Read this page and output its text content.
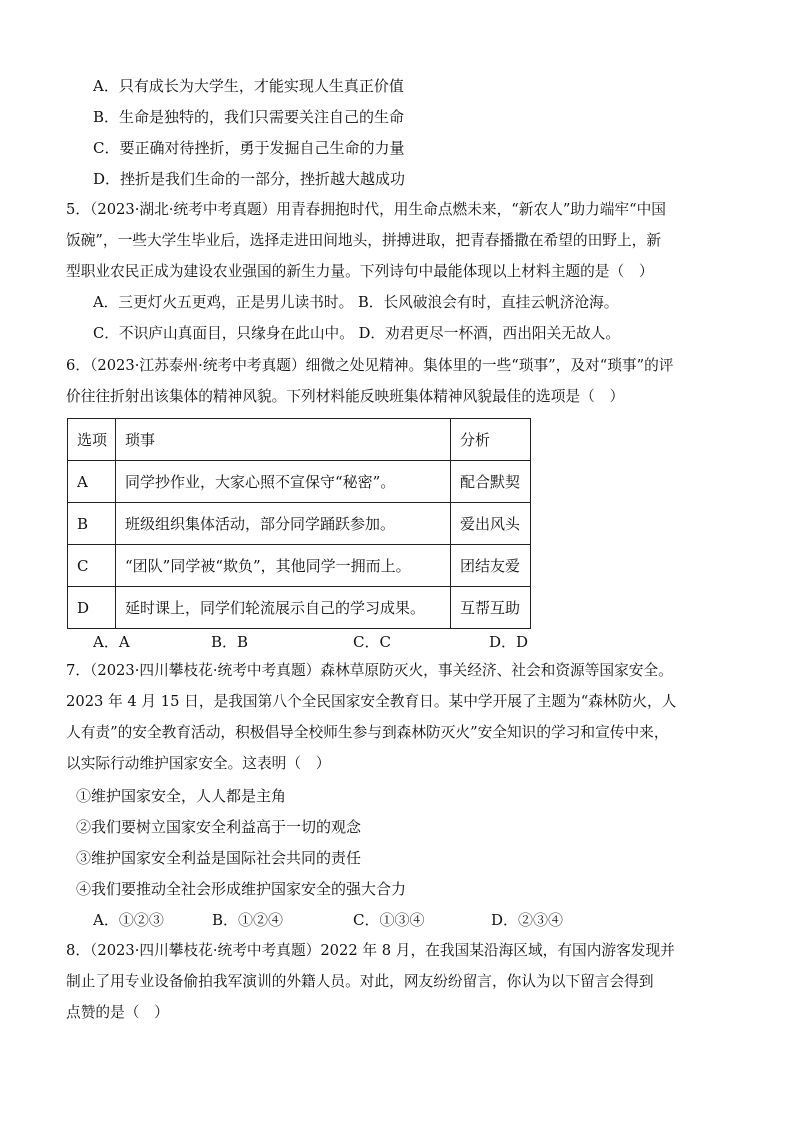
A．只有成长为大学生，才能实现人生真正价值
B．生命是独特的，我们只需要关注自己的生命
C．要正确对待挫折，勇于发掘自己生命的力量
D．挫折是我们生命的一部分，挫折越大越成功
5．（2023·湖北·统考中考真题）用青春拥抱时代，用生命点燃未来，“新农人”助力端牢“中国
饭碗”，一些大学生毕业后，选择走进田间地头，拼搏进取，把青春播撒在希望的田野上，新
型职业农民正成为建设农业强国的新生力量。下列诗句中最能体现以上材料主题的是（　）
A．三更灯火五更鸡，正是男儿读书时。 B．长风破浪会有时，直挂云帆济沧海。
C．不识庐山真面目，只缘身在此山中。 D．劝君更尽一杯酒，西出阳关无故人。
6．（2023·江苏泰州·统考中考真题）细微之处见精神。集体里的一些“琐事”，及对“琐事”的评
价往往折射出该集体的精神风貌。下列材料能反映班集体精神风貌最佳的选项是（　）
选项	琐事	分析
A	同学抄作业，大家心照不宣保守“秘密”。	配合默契
B	班级组织集体活动，部分同学踊跃参加。	爱出风头
C	“团队”同学被“欺负”，其他同学一拥而上。	团结友爱
D	延时课上，同学们轮流展示自己的学习成果。	互帮互助
A．A	B．B	C．C	D．D
7．（2023·四川攀枝花·统考中考真题）森林草原防灭火，事关经济、社会和资源等国家安全。
2023 年 4 月 15 日，是我国第八个全民国家安全教育日。某中学开展了主题为“森林防火，人
人有责”的安全教育活动，积极倡导全校师生参与到森林防灭火”安全知识的学习和宣传中来，
以实际行动维护国家安全。这表明（　）
①维护国家安全，人人都是主角
②我们要树立国家安全利益高于一切的观念
③维护国家安全利益是国际社会共同的责任
④我们要推动全社会形成维护国家安全的强大合力
A．①②③	B．①②④	C．①③④	D．②③④
8．（2023·四川攀枝花·统考中考真题）2022 年 8 月，在我国某沿海区域，有国内游客发现并
制止了用专业设备偷拍我军演训的外籍人员。对此，网友纷纷留言，你认为以下留言会得到
点赞的是（　）
